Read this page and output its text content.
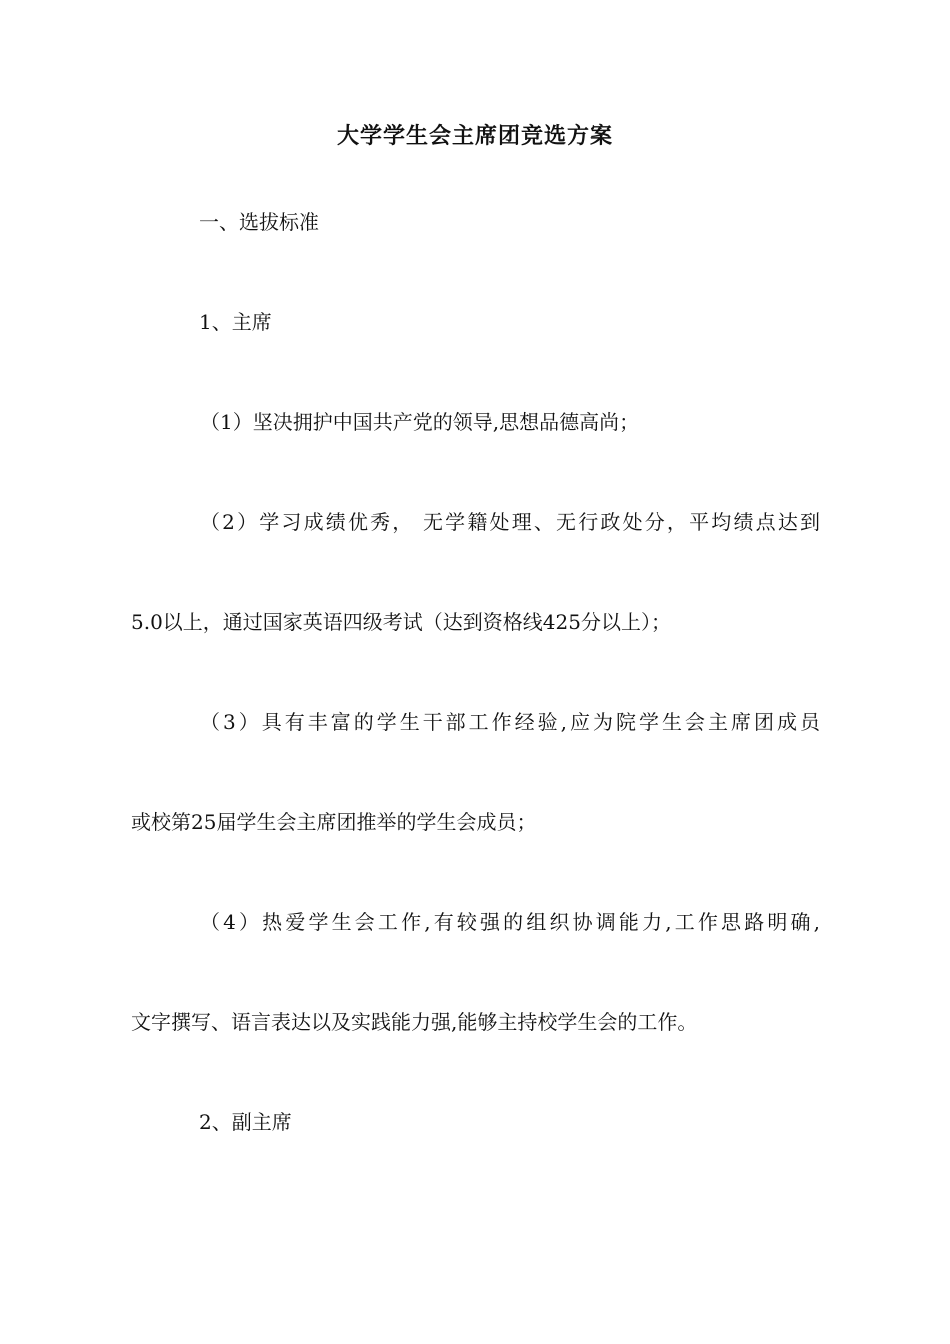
大学学生会主席团竞选方案
一、选拔标准
1、主席
（1）坚决拥护中国共产党的领导,思想品德高尚；
（2）学习成绩优秀， 无学籍处理、无行政处分，平均绩点达到
5.0以上，通过国家英语四级考试（达到资格线425分以上）；
（3）具有丰富的学生干部工作经验,应为院学生会主席团成员
或校第25届学生会主席团推举的学生会成员；
（4）热爱学生会工作,有较强的组织协调能力,工作思路明确,
文字撰写、语言表达以及实践能力强,能够主持校学生会的工作。
2、副主席
